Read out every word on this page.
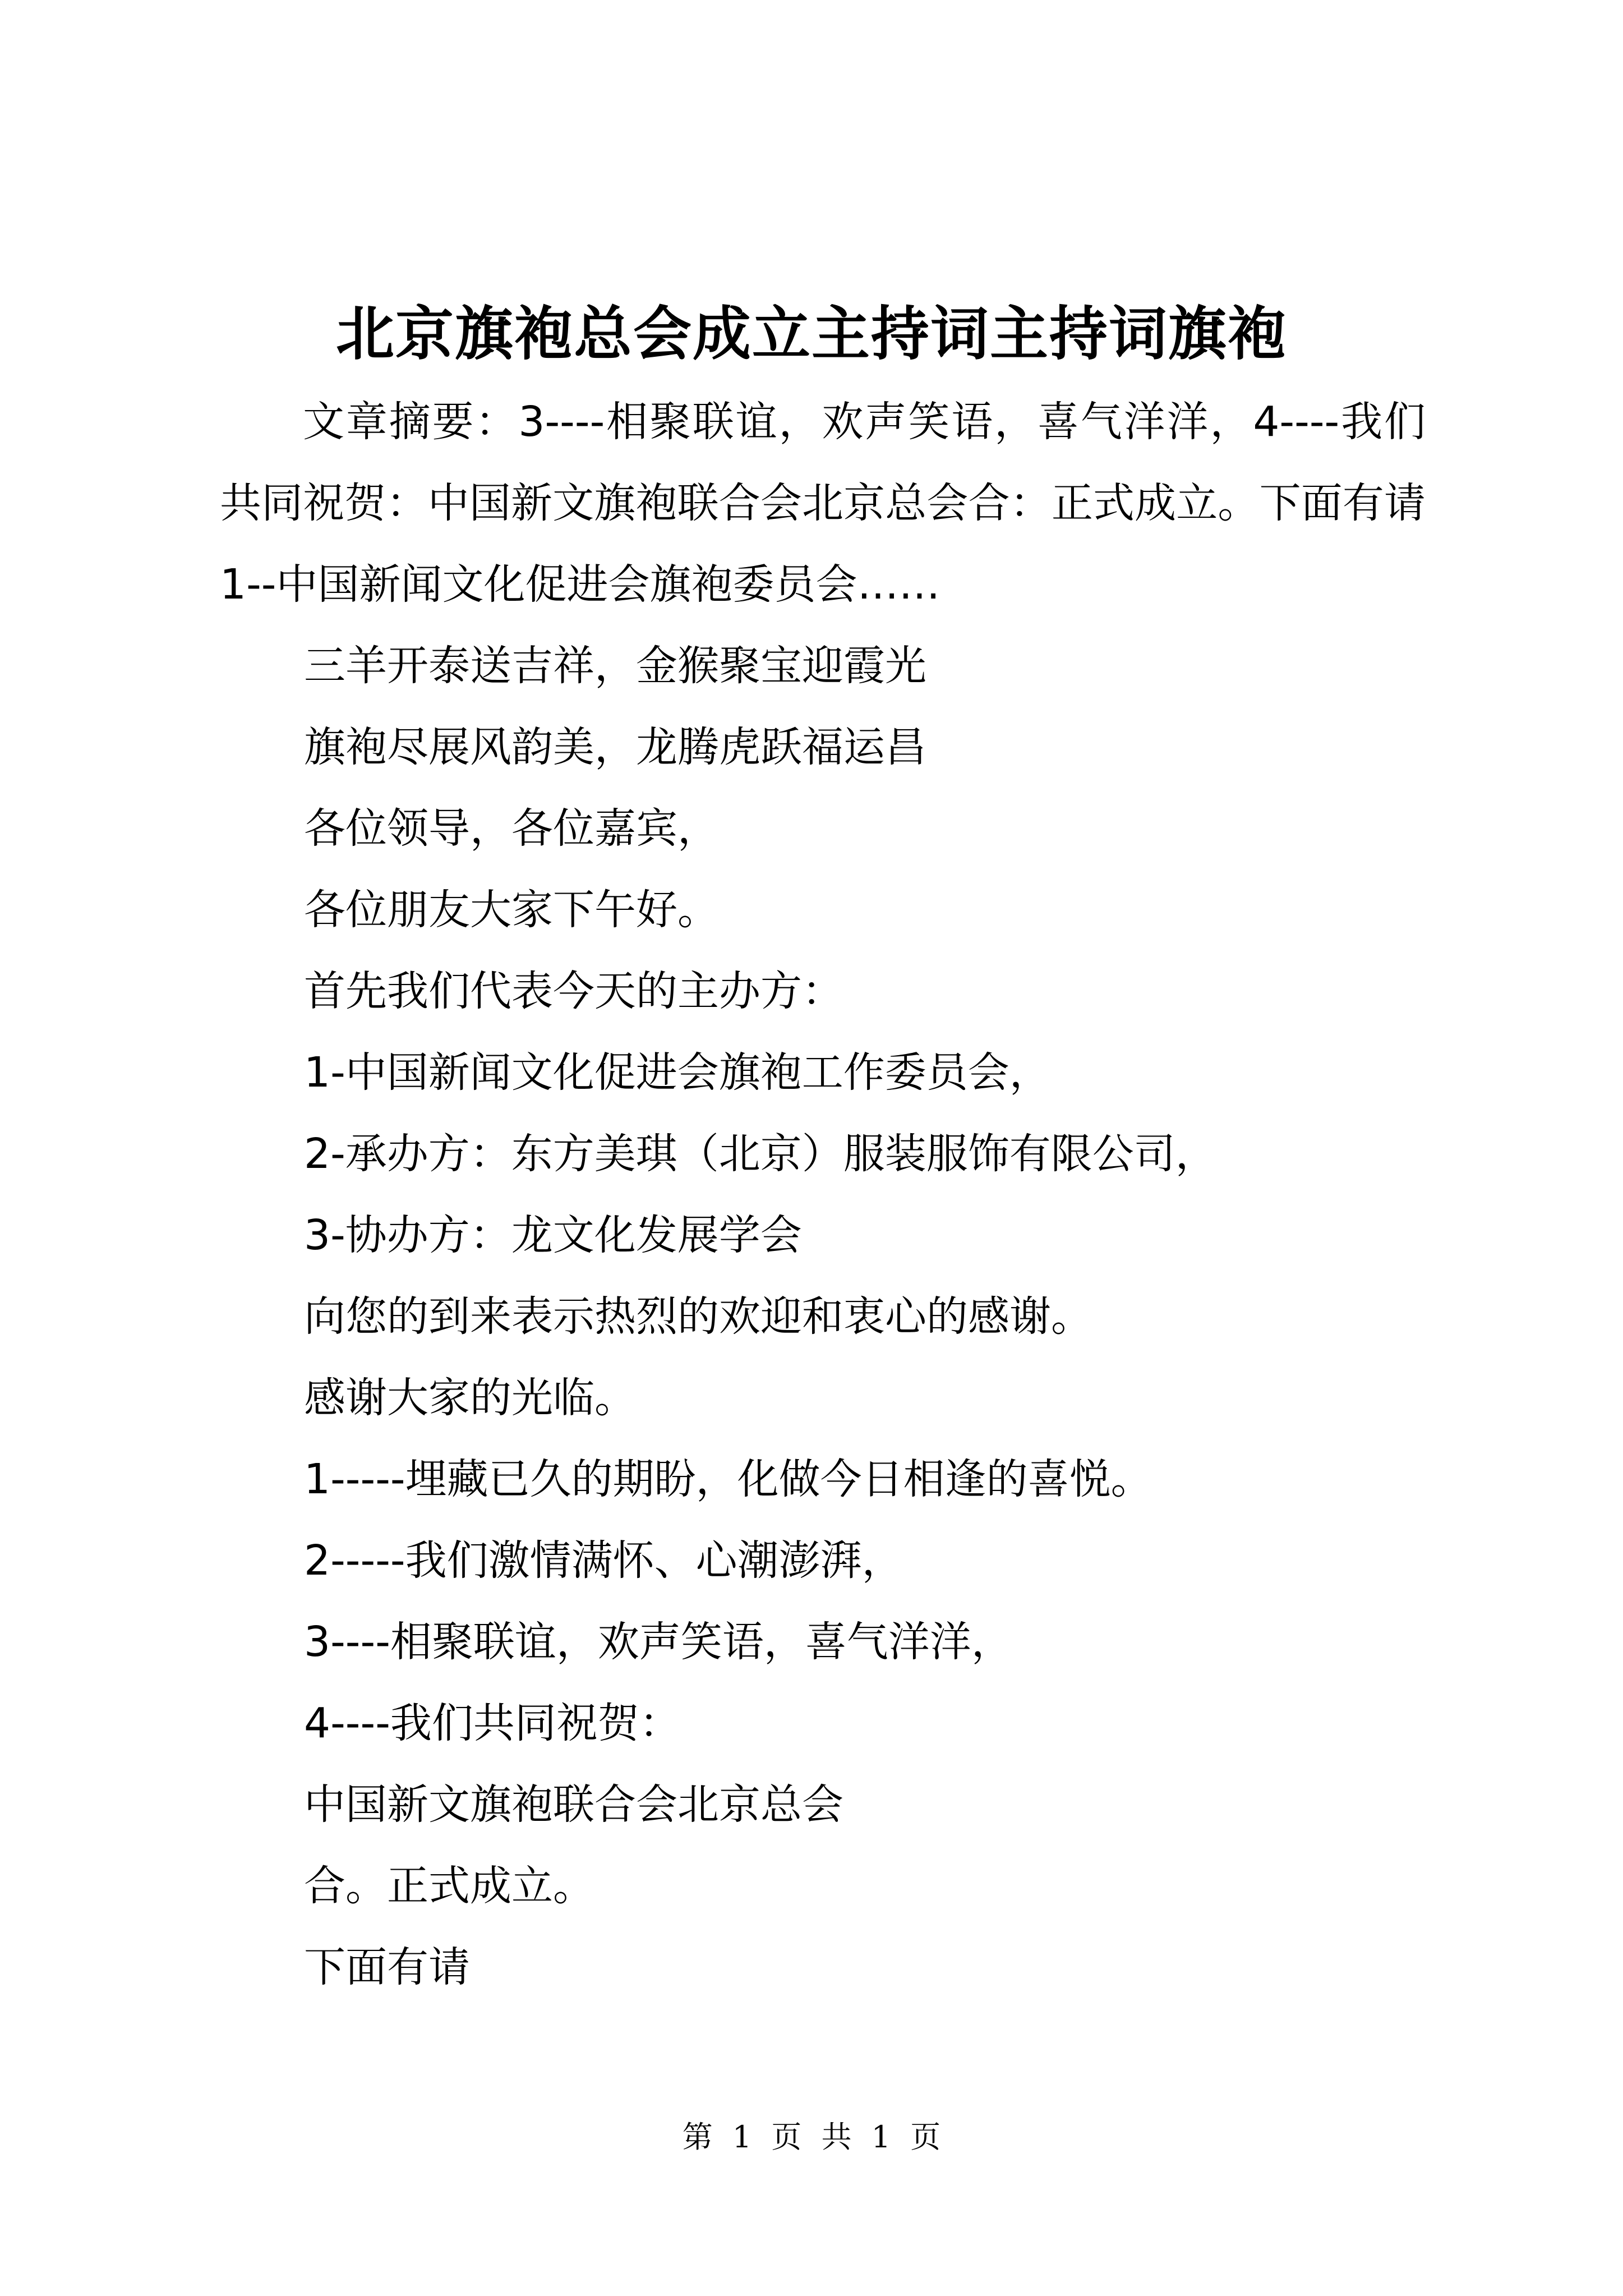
北京旗袍总会成立主持词主持词旗袍

文章摘要：3----相聚联谊，欢声笑语，喜气洋洋，4----我们共同祝贺：中国新文旗袍联合会北京总会合：正式成立。下面有请 1--中国新闻文化促进会旗袍委员会……

三羊开泰送吉祥，金猴聚宝迎霞光

旗袍尽展风韵美，龙腾虎跃福运昌

各位领导，各位嘉宾，

各位朋友大家下午好。

首先我们代表今天的主办方：

1-中国新闻文化促进会旗袍工作委员会，

2-承办方：东方美琪（北京）服装服饰有限公司，

3-协办方：龙文化发展学会

向您的到来表示热烈的欢迎和衷心的感谢。

感谢大家的光临。

1-----埋藏已久的期盼，化做今日相逢的喜悦。

2-----我们激情满怀、心潮澎湃，

3----相聚联谊，欢声笑语，喜气洋洋，

4----我们共同祝贺：

中国新文旗袍联合会北京总会

合。正式成立。

下面有请

第 1 页 共 1 页
